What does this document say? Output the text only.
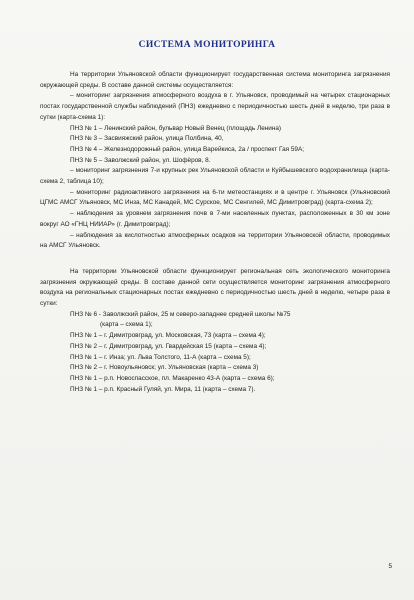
СИСТЕМА МОНИТОРИНГА

На территории Ульяновской области функционирует государственная система мониторинга загрязнения окружающей среды. В составе данной системы осуществляется:

– мониторинг загрязнения атмосферного воздуха в г. Ульяновск, проводимый на четырех стационарных постах государственной службы наблюдений (ПНЗ) ежедневно с периодичностью шесть дней в неделю, три раза в сутки (карта-схема 1):

ПНЗ № 1 – Ленинский район, бульвар Новый Венец (площадь Ленина)

ПНЗ № 3 – Засвияжский район, улица Полбина, 40,

ПНЗ № 4 – Железнодорожный район, улица Варейкиса, 2а / проспект Гая 59А;

ПНЗ № 5 – Заволжский район, ул. Шофёров, 8.

– мониторинг загрязнения 7-и крупных рек Ульяновской области и Куйбышевского водохранилища (карта-схема 2, таблица 10);

– мониторинг радиоактивного загрязнения на 6-ти метеостанциях и в центре г. Ульяновск (Ульяновский ЦГМС АМСГ Ульяновск, МС Инза, МС Канадей, МС Сурское, МС Сенгилей, МС Димитровград) (карта-схема 2);

– наблюдения за уровнем загрязнения почв в 7-ми населенных пунктах, расположенных в 30 км зоне вокруг АО «ГНЦ НИИАР» (г. Димитровград);

– наблюдения за кислотностью атмосферных осадков на территории Ульяновской области, проводимых на АМСГ Ульяновск.

На территории Ульяновской области функционирует региональная сеть экологического мониторинга загрязнения окружающей среды. В составе данной сети осуществляется мониторинг загрязнения атмосферного воздуха на региональных стационарных постах ежедневно с периодичностью шесть дней в неделю, четыре раза в сутки:

ПНЗ № 6 - Заволжский район, 25 м северо-западнее средней школы №75

(карта – схема 1);

ПНЗ № 1 – г. Димитровград, ул. Московская, 73 (карта – схема 4);

ПНЗ № 2 – г. Димитровград, ул. Гвардейская 15 (карта – схема 4);

ПНЗ № 1 – г. Инза; ул. Льва Толстого, 11-А (карта – схема 5);

ПНЗ № 2 – г. Новоульяновск; ул. Ульяновская (карта – схема 3)

ПНЗ № 1 – р.п. Новоспасское, пл. Макаренко 43-А (карта – схема 6);

ПНЗ № 1 – р.п. Красный Гуляй, ул. Мира, 11 (карта – схема 7).

5
